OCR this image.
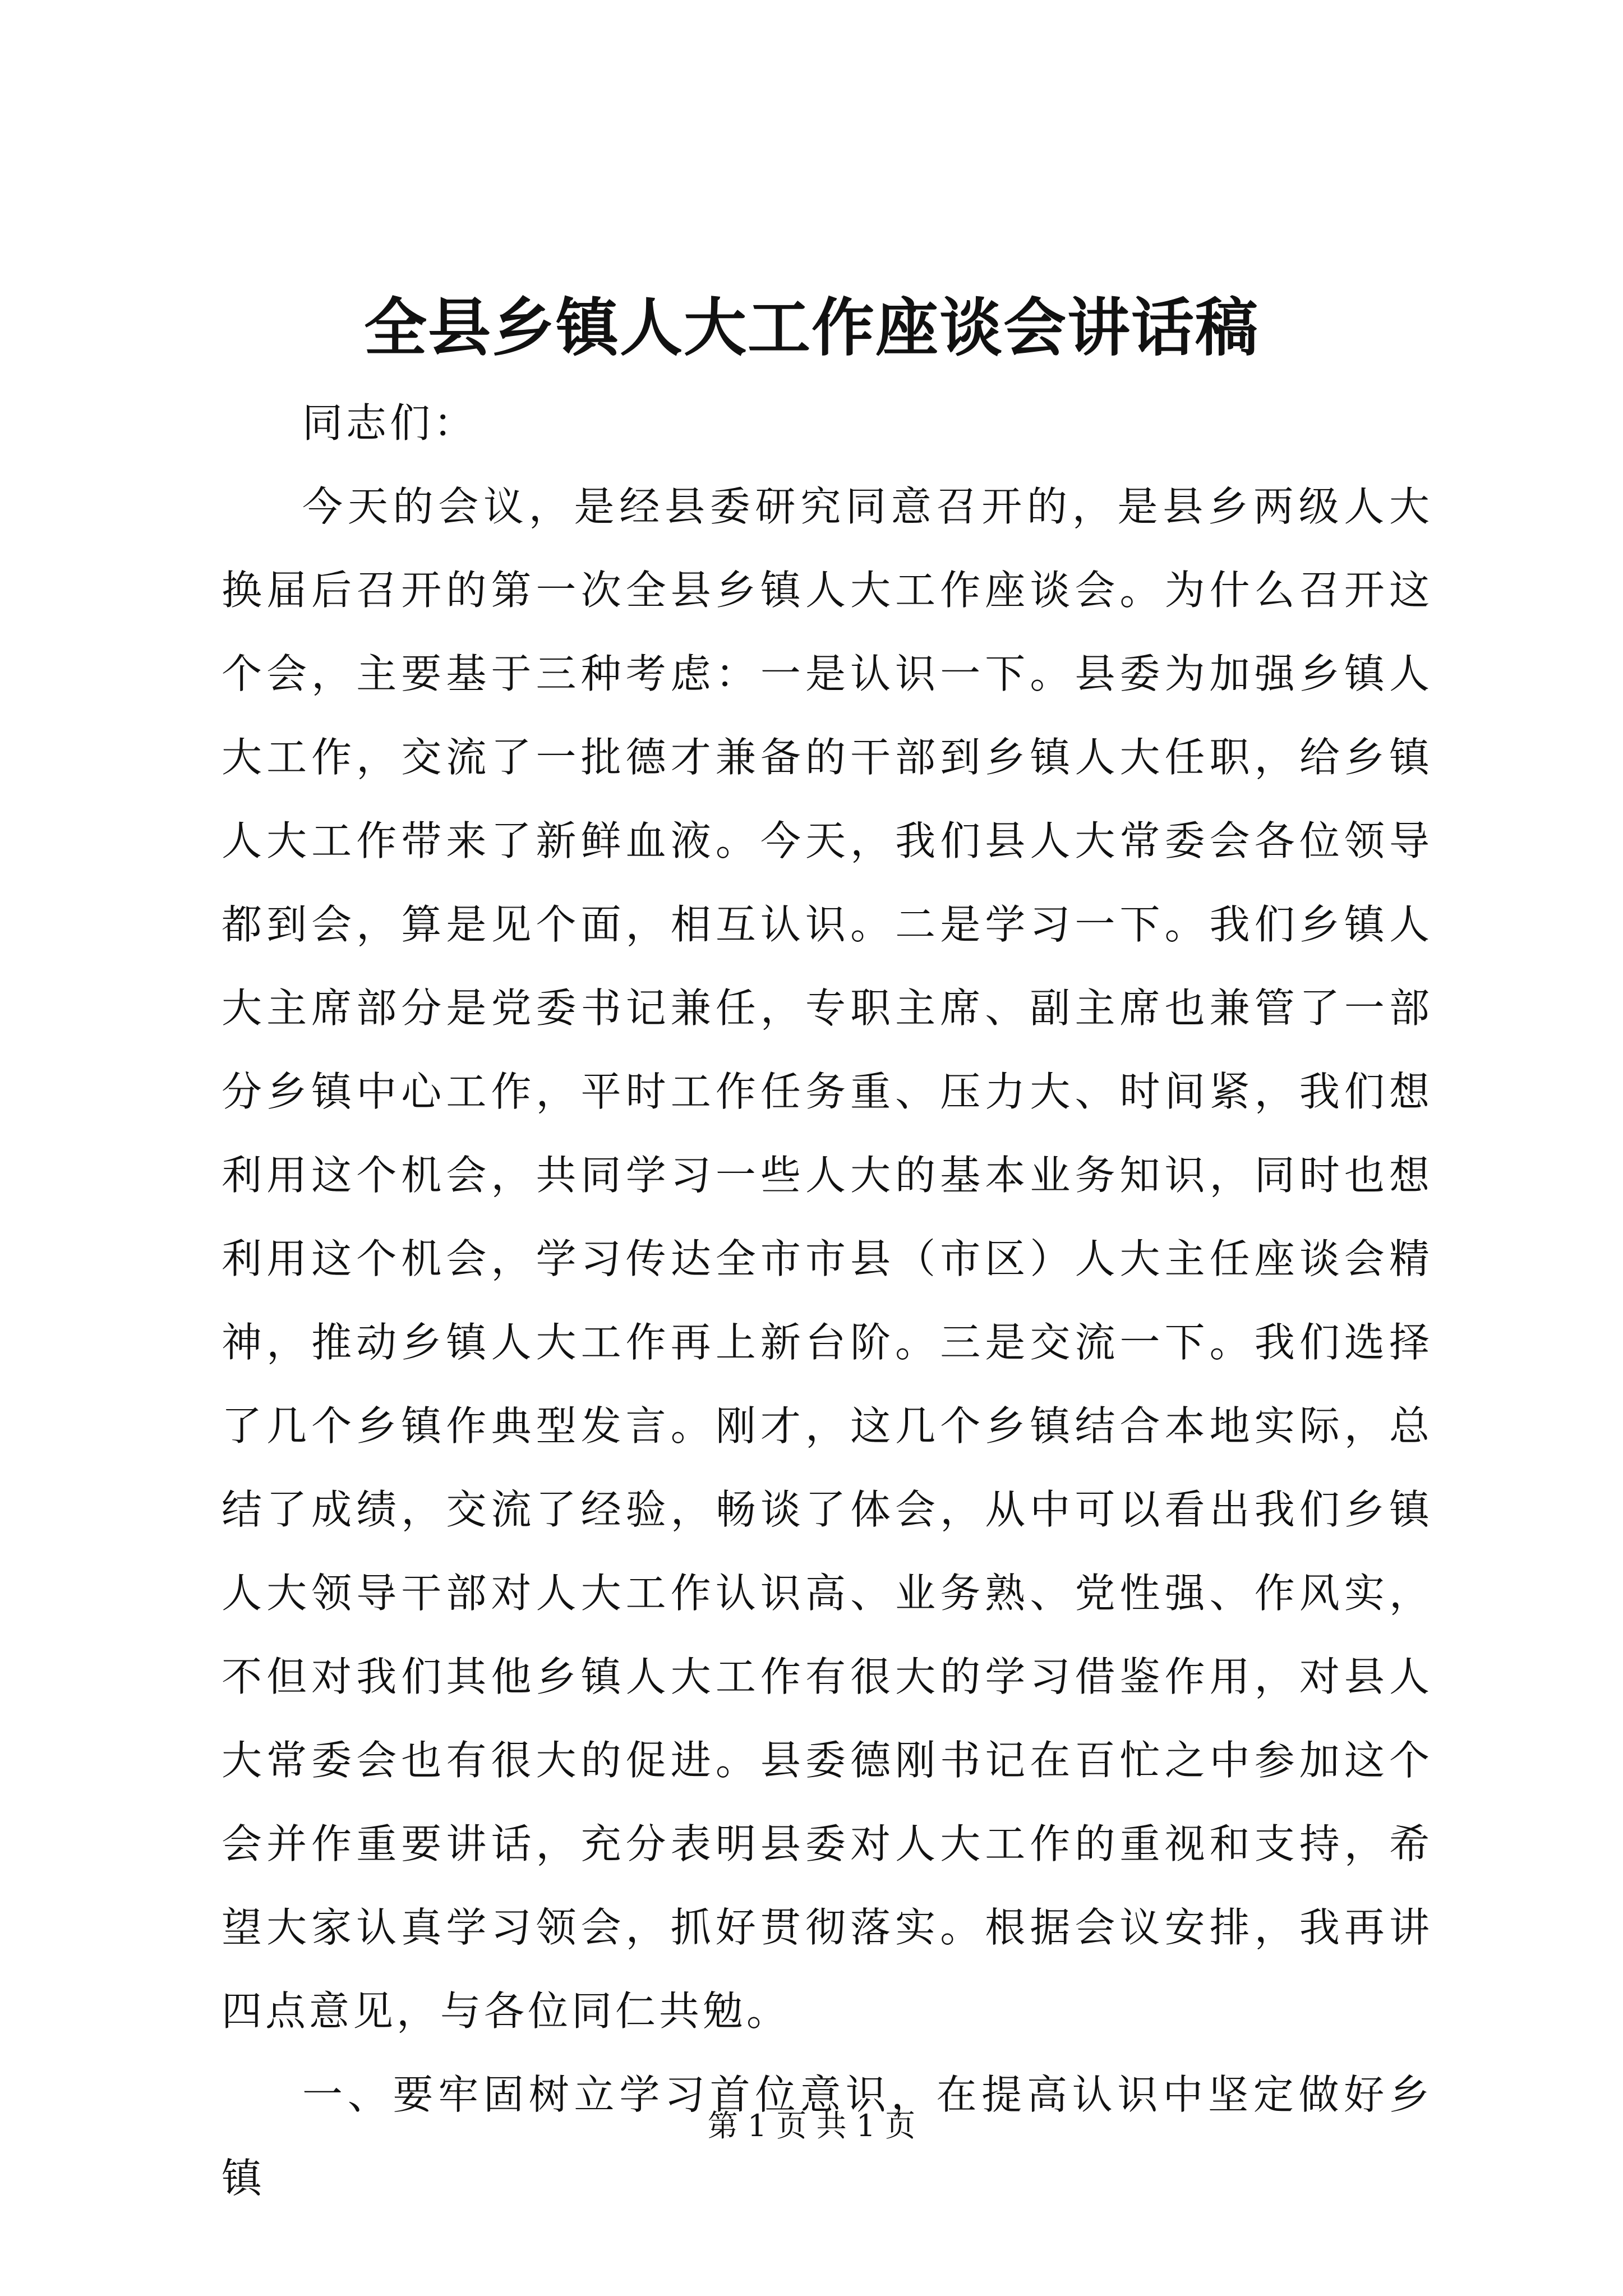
全县乡镇人大工作座谈会讲话稿

同志们：

今天的会议，是经县委研究同意召开的，是县乡两级人大换届后召开的第一次全县乡镇人大工作座谈会。为什么召开这个会，主要基于三种考虑：一是认识一下。县委为加强乡镇人大工作，交流了一批德才兼备的干部到乡镇人大任职，给乡镇人大工作带来了新鲜血液。今天，我们县人大常委会各位领导都到会，算是见个面，相互认识。二是学习一下。我们乡镇人大主席部分是党委书记兼任，专职主席、副主席也兼管了一部分乡镇中心工作，平时工作任务重、压力大、时间紧，我们想利用这个机会，共同学习一些人大的基本业务知识，同时也想利用这个机会，学习传达全市市县（市区）人大主任座谈会精神，推动乡镇人大工作再上新台阶。三是交流一下。我们选择了几个乡镇作典型发言。刚才，这几个乡镇结合本地实际，总结了成绩，交流了经验，畅谈了体会，从中可以看出我们乡镇人大领导干部对人大工作认识高、业务熟、党性强、作风实，不但对我们其他乡镇人大工作有很大的学习借鉴作用，对县人大常委会也有很大的促进。县委德刚书记在百忙之中参加这个会并作重要讲话，充分表明县委对人大工作的重视和支持，希望大家认真学习领会，抓好贯彻落实。根据会议安排，我再讲四点意见，与各位同仁共勉。

一、要牢固树立学习首位意识，在提高认识中坚定做好乡镇

第 1 页 共 1 页
